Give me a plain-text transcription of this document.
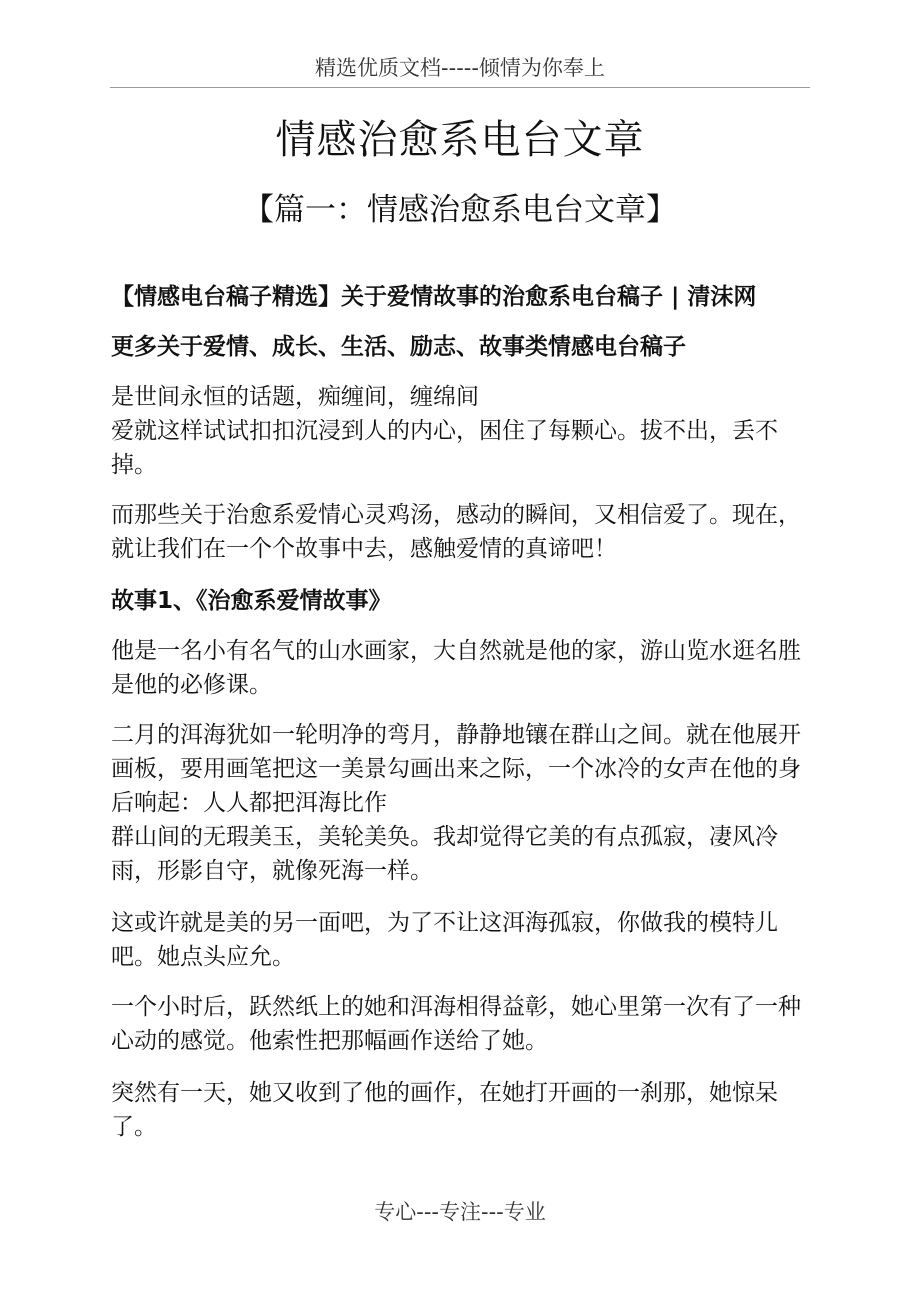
精选优质文档-----倾情为你奉上
情感治愈系电台文章
【篇一：情感治愈系电台文章】

【情感电台稿子精选】关于爱情故事的治愈系电台稿子 | 清沫网

更多关于爱情、成长、生活、励志、故事类情感电台稿子

是世间永恒的话题，痴缠间，缠绵间

爱就这样试试扣扣沉浸到人的内心，困住了每颗心。拔不出，丢不掉。

而那些关于治愈系爱情心灵鸡汤，感动的瞬间，又相信爱了。现在，就让我们在一个个故事中去，感触爱情的真谛吧！

故事1、《治愈系爱情故事》

他是一名小有名气的山水画家，大自然就是他的家，游山览水逛名胜是他的必修课。

二月的洱海犹如一轮明净的弯月，静静地镶在群山之间。就在他展开画板，要用画笔把这一美景勾画出来之际，一个冰冷的女声在他的身后响起：人人都把洱海比作

群山间的无瑕美玉，美轮美奂。我却觉得它美的有点孤寂，凄风冷雨，形影自守，就像死海一样。

这或许就是美的另一面吧，为了不让这洱海孤寂，你做我的模特儿吧。她点头应允。

一个小时后，跃然纸上的她和洱海相得益彰，她心里第一次有了一种心动的感觉。他索性把那幅画作送给了她。

突然有一天，她又收到了他的画作，在她打开画的一刹那，她惊呆了。

专心---专注---专业
